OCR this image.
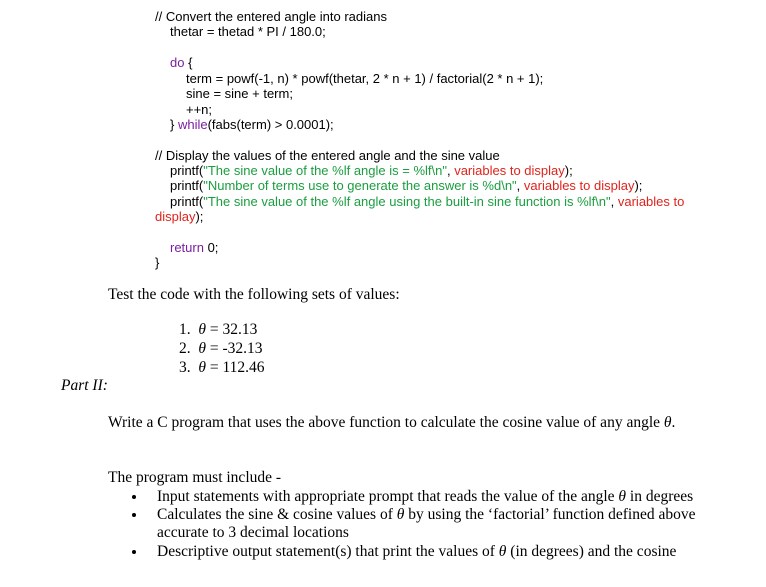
// Convert the entered angle into radians
thetar = thetad * PI / 180.0;
do {
term = powf(-1, n) * powf(thetar, 2 * n + 1) / factorial(2 * n + 1);
sine = sine + term;
++n;
} while(fabs(term) > 0.0001);
// Display the values of the entered angle and the sine value
printf("The sine value of the %lf angle is = %lf\n", variables to display);
printf("Number of terms use to generate the answer is %d\n", variables to display);
printf("The sine value of the %lf angle using the built-in sine function is %lf\n", variables to
display);
return 0;
}
Test the code with the following sets of values:
1. θ = 32.13
2. θ = -32.13
3. θ = 112.46
Part II:
Write a C program that uses the above function to calculate the cosine value of any angle θ.
The program must include -
Input statements with appropriate prompt that reads the value of the angle θ in degrees
Calculates the sine & cosine values of θ by using the ‘factorial’ function defined above
accurate to 3 decimal locations
Descriptive output statement(s) that print the values of θ (in degrees) and the cosine
